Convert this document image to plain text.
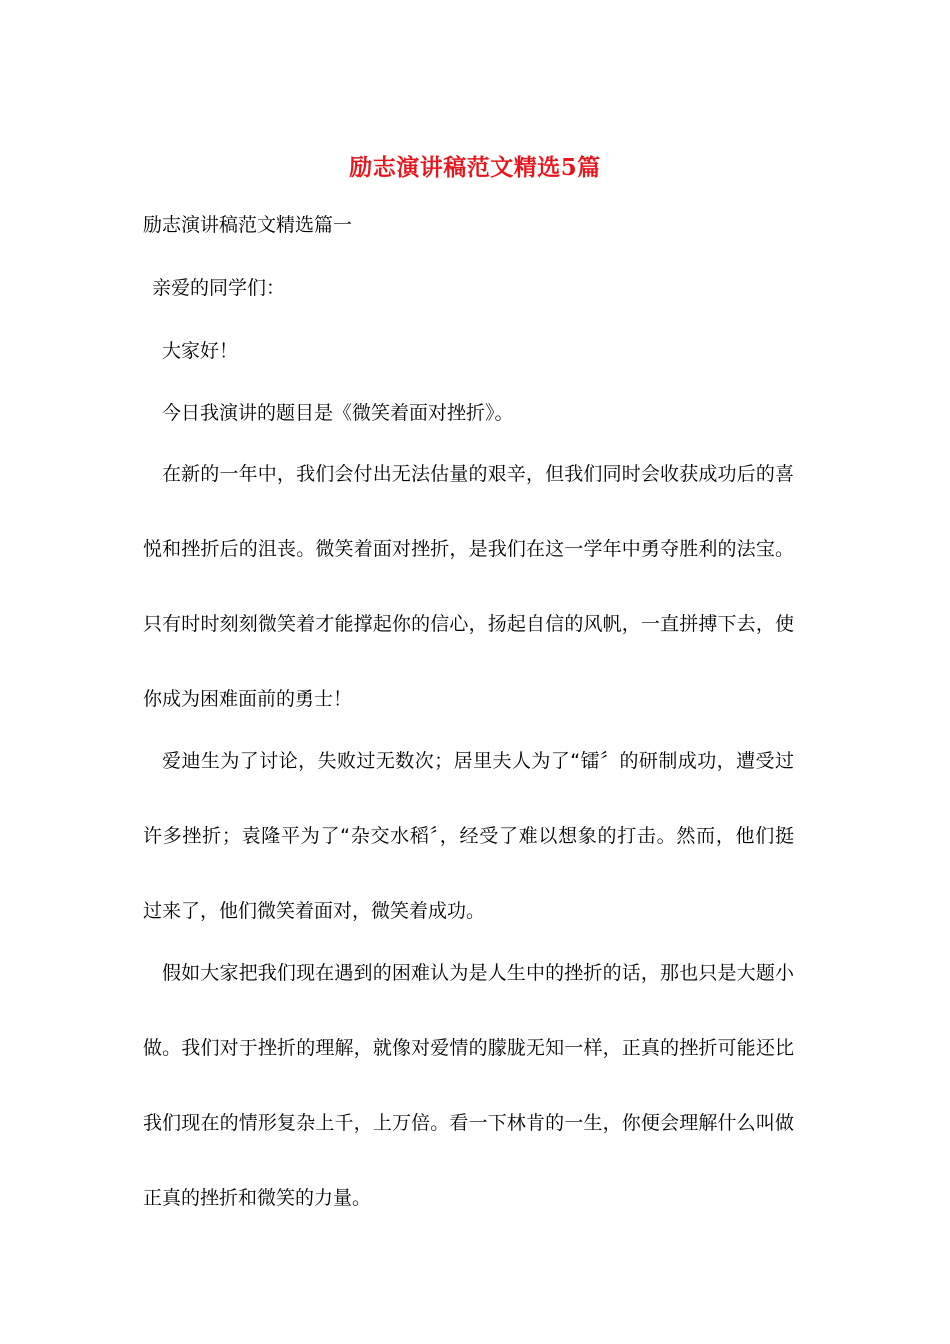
励志演讲稿范文精选5篇
励志演讲稿范文精选篇一
亲爱的同学们：
大家好！
今日我演讲的题目是《微笑着面对挫折》。
在新的一年中，我们会付出无法估量的艰辛，但我们同时会收获成功后的喜
悦和挫折后的沮丧。微笑着面对挫折，是我们在这一学年中勇夺胜利的法宝。
只有时时刻刻微笑着才能撑起你的信心，扬起自信的风帆，一直拼搏下去，使
你成为困难面前的勇士！
爱迪生为了讨论，失败过无数次；居里夫人为了“镭〞的研制成功，遭受过
许多挫折；袁隆平为了“杂交水稻〞，经受了难以想象的打击。然而，他们挺
过来了，他们微笑着面对，微笑着成功。
假如大家把我们现在遇到的困难认为是人生中的挫折的话，那也只是大题小
做。我们对于挫折的理解，就像对爱情的朦胧无知一样，正真的挫折可能还比
我们现在的情形复杂上千，上万倍。看一下林肯的一生，你便会理解什么叫做
正真的挫折和微笑的力量。
